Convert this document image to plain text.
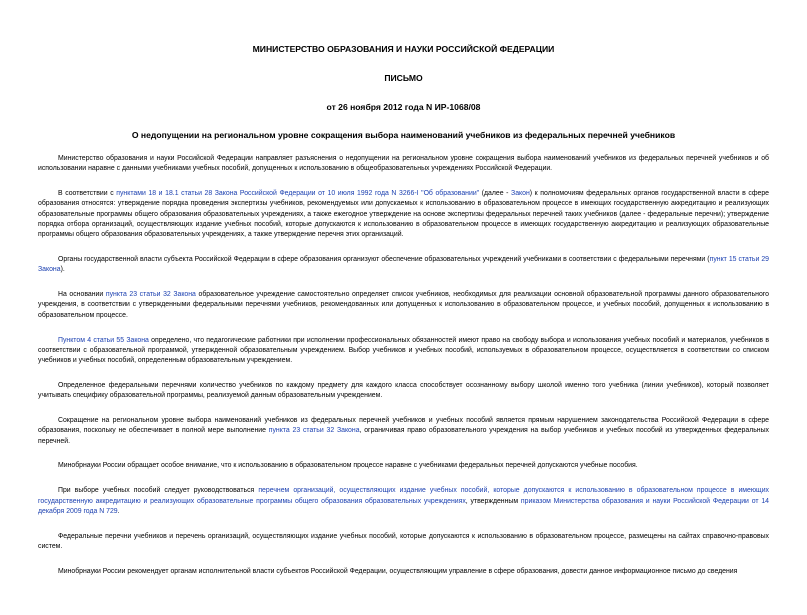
МИНИСТЕРСТВО ОБРАЗОВАНИЯ И НАУКИ РОССИЙСКОЙ ФЕДЕРАЦИИ
ПИСЬМО
от 26 ноября 2012 года N ИР-1068/08
О недопущении на региональном уровне сокращения выбора наименований учебников из федеральных перечней учебников

Министерство образования и науки Российской Федерации направляет разъяснения о недопущении на региональном уровне сокращения выбора наименований учебников из федеральных перечней учебников и об использовании наравне с данными учебниками учебных пособий, допущенных к использованию в общеобразовательных учреждениях Российской Федерации.

В соответствии с пунктами 18 и 18.1 статьи 28 Закона Российской Федерации от 10 июля 1992 года N 3266-I "Об образовании" (далее - Закон) к полномочиям федеральных органов государственной власти в сфере образования относятся: утверждение порядка проведения экспертизы учебников, рекомендуемых или допускаемых к использованию в образовательном процессе в имеющих государственную аккредитацию и реализующих образовательные программы общего образования образовательных учреждениях, а также ежегодное утверждение на основе экспертизы федеральных перечней таких учебников (далее - федеральные перечни); утверждение порядка отбора организаций, осуществляющих издание учебных пособий, которые допускаются к использованию в образовательном процессе в имеющих государственную аккредитацию и реализующих образовательные программы общего образования образовательных учреждениях, а также утверждение перечня этих организаций.

Органы государственной власти субъекта Российской Федерации в сфере образования организуют обеспечение образовательных учреждений учебниками в соответствии с федеральными перечнями (пункт 15 статьи 29 Закона).

На основании пункта 23 статьи 32 Закона образовательное учреждение самостоятельно определяет список учебников, необходимых для реализации основной образовательной программы данного образовательного учреждения, в соответствии с утвержденными федеральными перечнями учебников, рекомендованных или допущенных к использованию в образовательном процессе, и учебных пособий, допущенных к использованию в образовательном процессе.

Пунктом 4 статьи 55 Закона определено, что педагогические работники при исполнении профессиональных обязанностей имеют право на свободу выбора и использования учебных пособий и материалов, учебников в соответствии с образовательной программой, утвержденной образовательным учреждением. Выбор учебников и учебных пособий, используемых в образовательном процессе, осуществляется в соответствии со списком учебников и учебных пособий, определенным образовательным учреждением.

Определенное федеральными перечнями количество учебников по каждому предмету для каждого класса способствует осознанному выбору школой именно того учебника (линии учебников), который позволяет учитывать специфику образовательной программы, реализуемой данным образовательным учреждением.

Сокращение на региональном уровне выбора наименований учебников из федеральных перечней учебников и учебных пособий является прямым нарушением законодательства Российской Федерации в сфере образования, поскольку не обеспечивает в полной мере выполнение пункта 23 статьи 32 Закона, ограничивая право образовательного учреждения на выбор учебников и учебных пособий из утвержденных федеральных перечней.

Минобрнауки России обращает особое внимание, что к использованию в образовательном процессе наравне с учебниками федеральных перечней допускаются учебные пособия.

При выборе учебных пособий следует руководствоваться перечнем организаций, осуществляющих издание учебных пособий, которые допускаются к использованию в образовательном процессе в имеющих государственную аккредитацию и реализующих образовательные программы общего образования образовательных учреждениях, утвержденным приказом Министерства образования и науки Российской Федерации от 14 декабря 2009 года N 729.

Федеральные перечни учебников и перечень организаций, осуществляющих издание учебных пособий, которые допускаются к использованию в образовательном процессе, размещены на сайтах справочно-правовых систем.

Минобрнауки России рекомендует органам исполнительной власти субъектов Российской Федерации, осуществляющим управление в сфере образования, довести данное информационное письмо до сведения
